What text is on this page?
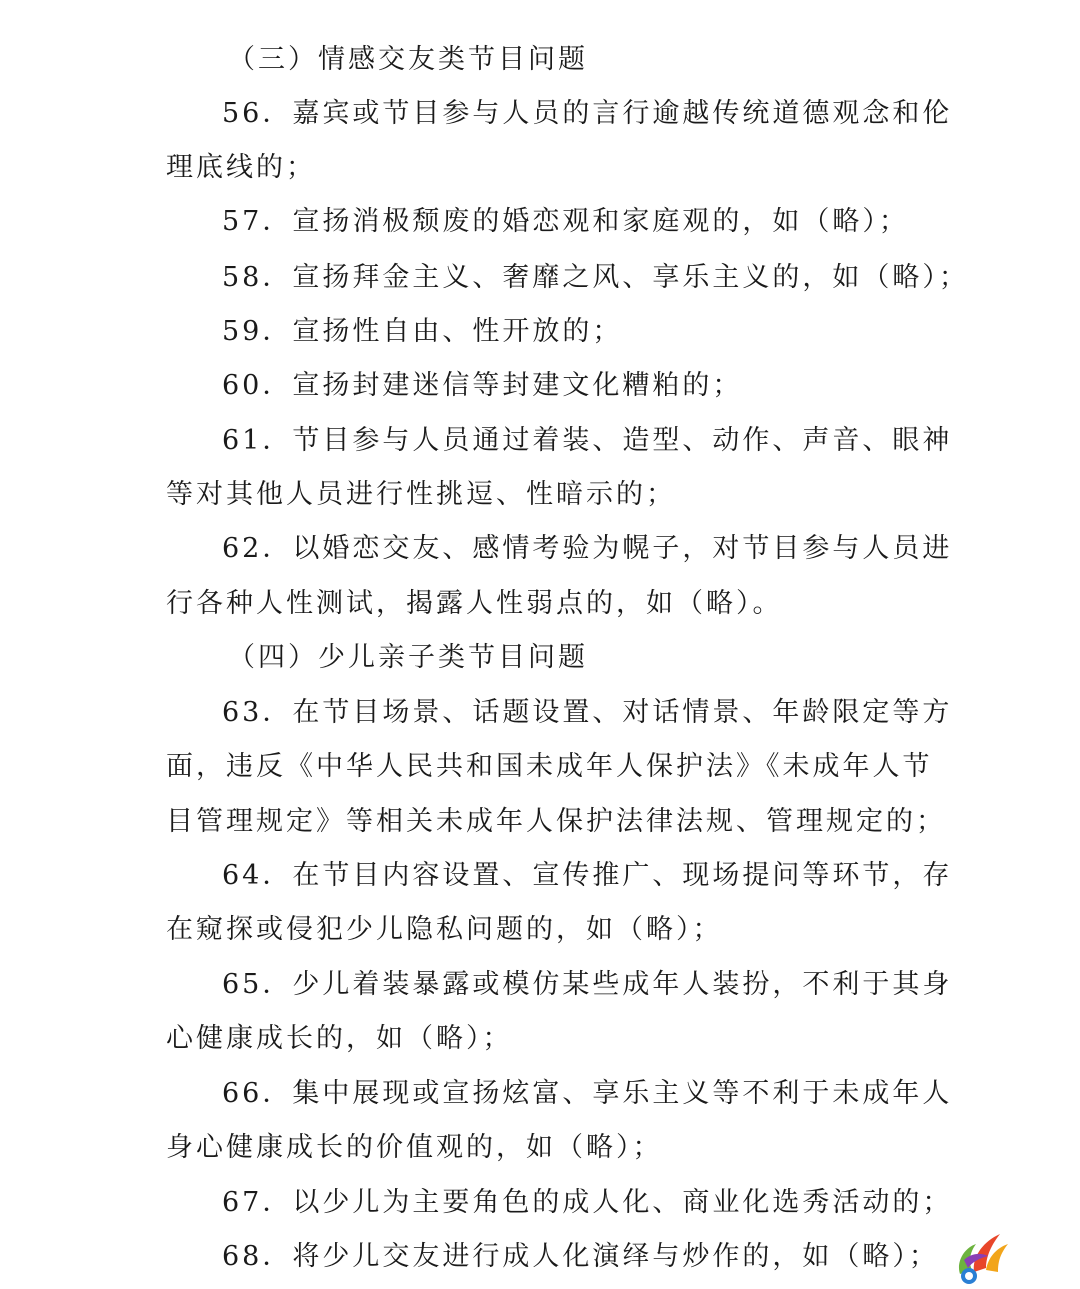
（三）情感交友类节目问题
56．嘉宾或节目参与人员的言行逾越传统道德观念和伦
理底线的；
57．宣扬消极颓废的婚恋观和家庭观的，如（略）；
58．宣扬拜金主义、奢靡之风、享乐主义的，如（略）；
59．宣扬性自由、性开放的；
60．宣扬封建迷信等封建文化糟粕的；
61．节目参与人员通过着装、造型、动作、声音、眼神
等对其他人员进行性挑逗、性暗示的；
62．以婚恋交友、感情考验为幌子，对节目参与人员进
行各种人性测试，揭露人性弱点的，如（略）。
（四）少儿亲子类节目问题
63．在节目场景、话题设置、对话情景、年龄限定等方
面，违反《中华人民共和国未成年人保护法》《未成年人节
目管理规定》等相关未成年人保护法律法规、管理规定的；
64．在节目内容设置、宣传推广、现场提问等环节，存
在窥探或侵犯少儿隐私问题的，如（略）；
65．少儿着装暴露或模仿某些成年人装扮，不利于其身
心健康成长的，如（略）；
66．集中展现或宣扬炫富、享乐主义等不利于未成年人
身心健康成长的价值观的，如（略）；
67．以少儿为主要角色的成人化、商业化选秀活动的；
68．将少儿交友进行成人化演绎与炒作的，如（略）；
